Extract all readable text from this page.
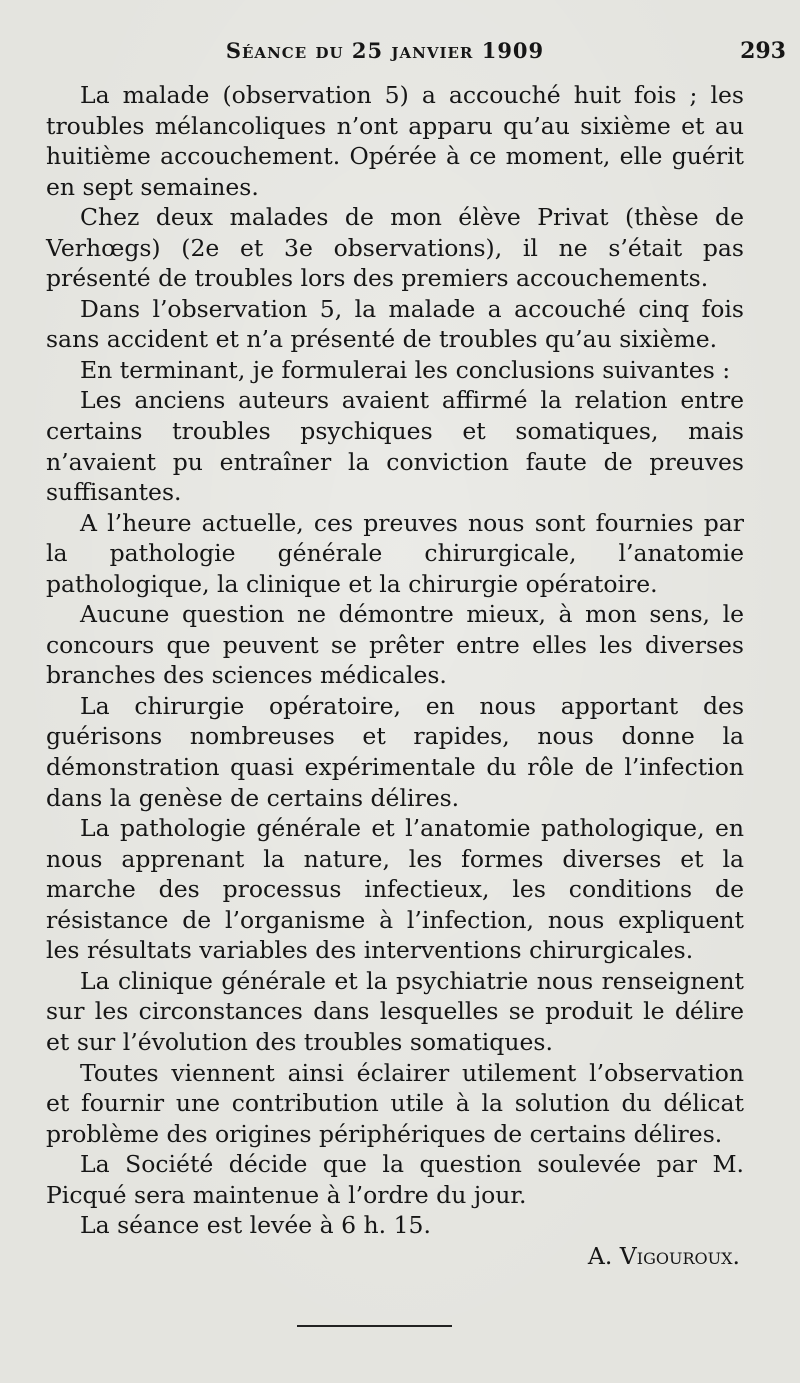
Séance du 25 janvier 1909	293

La malade (observation 5) a accouché huit fois ; les troubles mélancoliques n’ont apparu qu’au sixième et au huitième accouchement. Opérée à ce moment, elle guérit en sept semaines.

Chez deux malades de mon élève Privat (thèse de Verhœgs) (2e et 3e observations), il ne s’était pas présenté de troubles lors des premiers accouchements.

Dans l’observation 5, la malade a accouché cinq fois sans accident et n’a présenté de troubles qu’au sixième.

En terminant, je formulerai les conclusions suivantes :

Les anciens auteurs avaient affirmé la relation entre certains troubles psychiques et somatiques, mais n’avaient pu entraîner la conviction faute de preuves suffisantes.

A l’heure actuelle, ces preuves nous sont fournies par la pathologie générale chirurgicale, l’anatomie pathologique, la clinique et la chirurgie opératoire.

Aucune question ne démontre mieux, à mon sens, le concours que peuvent se prêter entre elles les diverses branches des sciences médicales.

La chirurgie opératoire, en nous apportant des guérisons nombreuses et rapides, nous donne la démonstration quasi expérimentale du rôle de l’infection dans la genèse de certains délires.

La pathologie générale et l’anatomie pathologique, en nous apprenant la nature, les formes diverses et la marche des processus infectieux, les conditions de résistance de l’organisme à l’infection, nous expliquent les résultats variables des interventions chirurgicales.

La clinique générale et la psychiatrie nous renseignent sur les circonstances dans lesquelles se produit le délire et sur l’évolution des troubles somatiques.

Toutes viennent ainsi éclairer utilement l’observation et fournir une contribution utile à la solution du délicat problème des origines périphériques de certains délires.

La Société décide que la question soulevée par M. Picqué sera maintenue à l’ordre du jour.

La séance est levée à 6 h. 15.

A. Vigouroux.
